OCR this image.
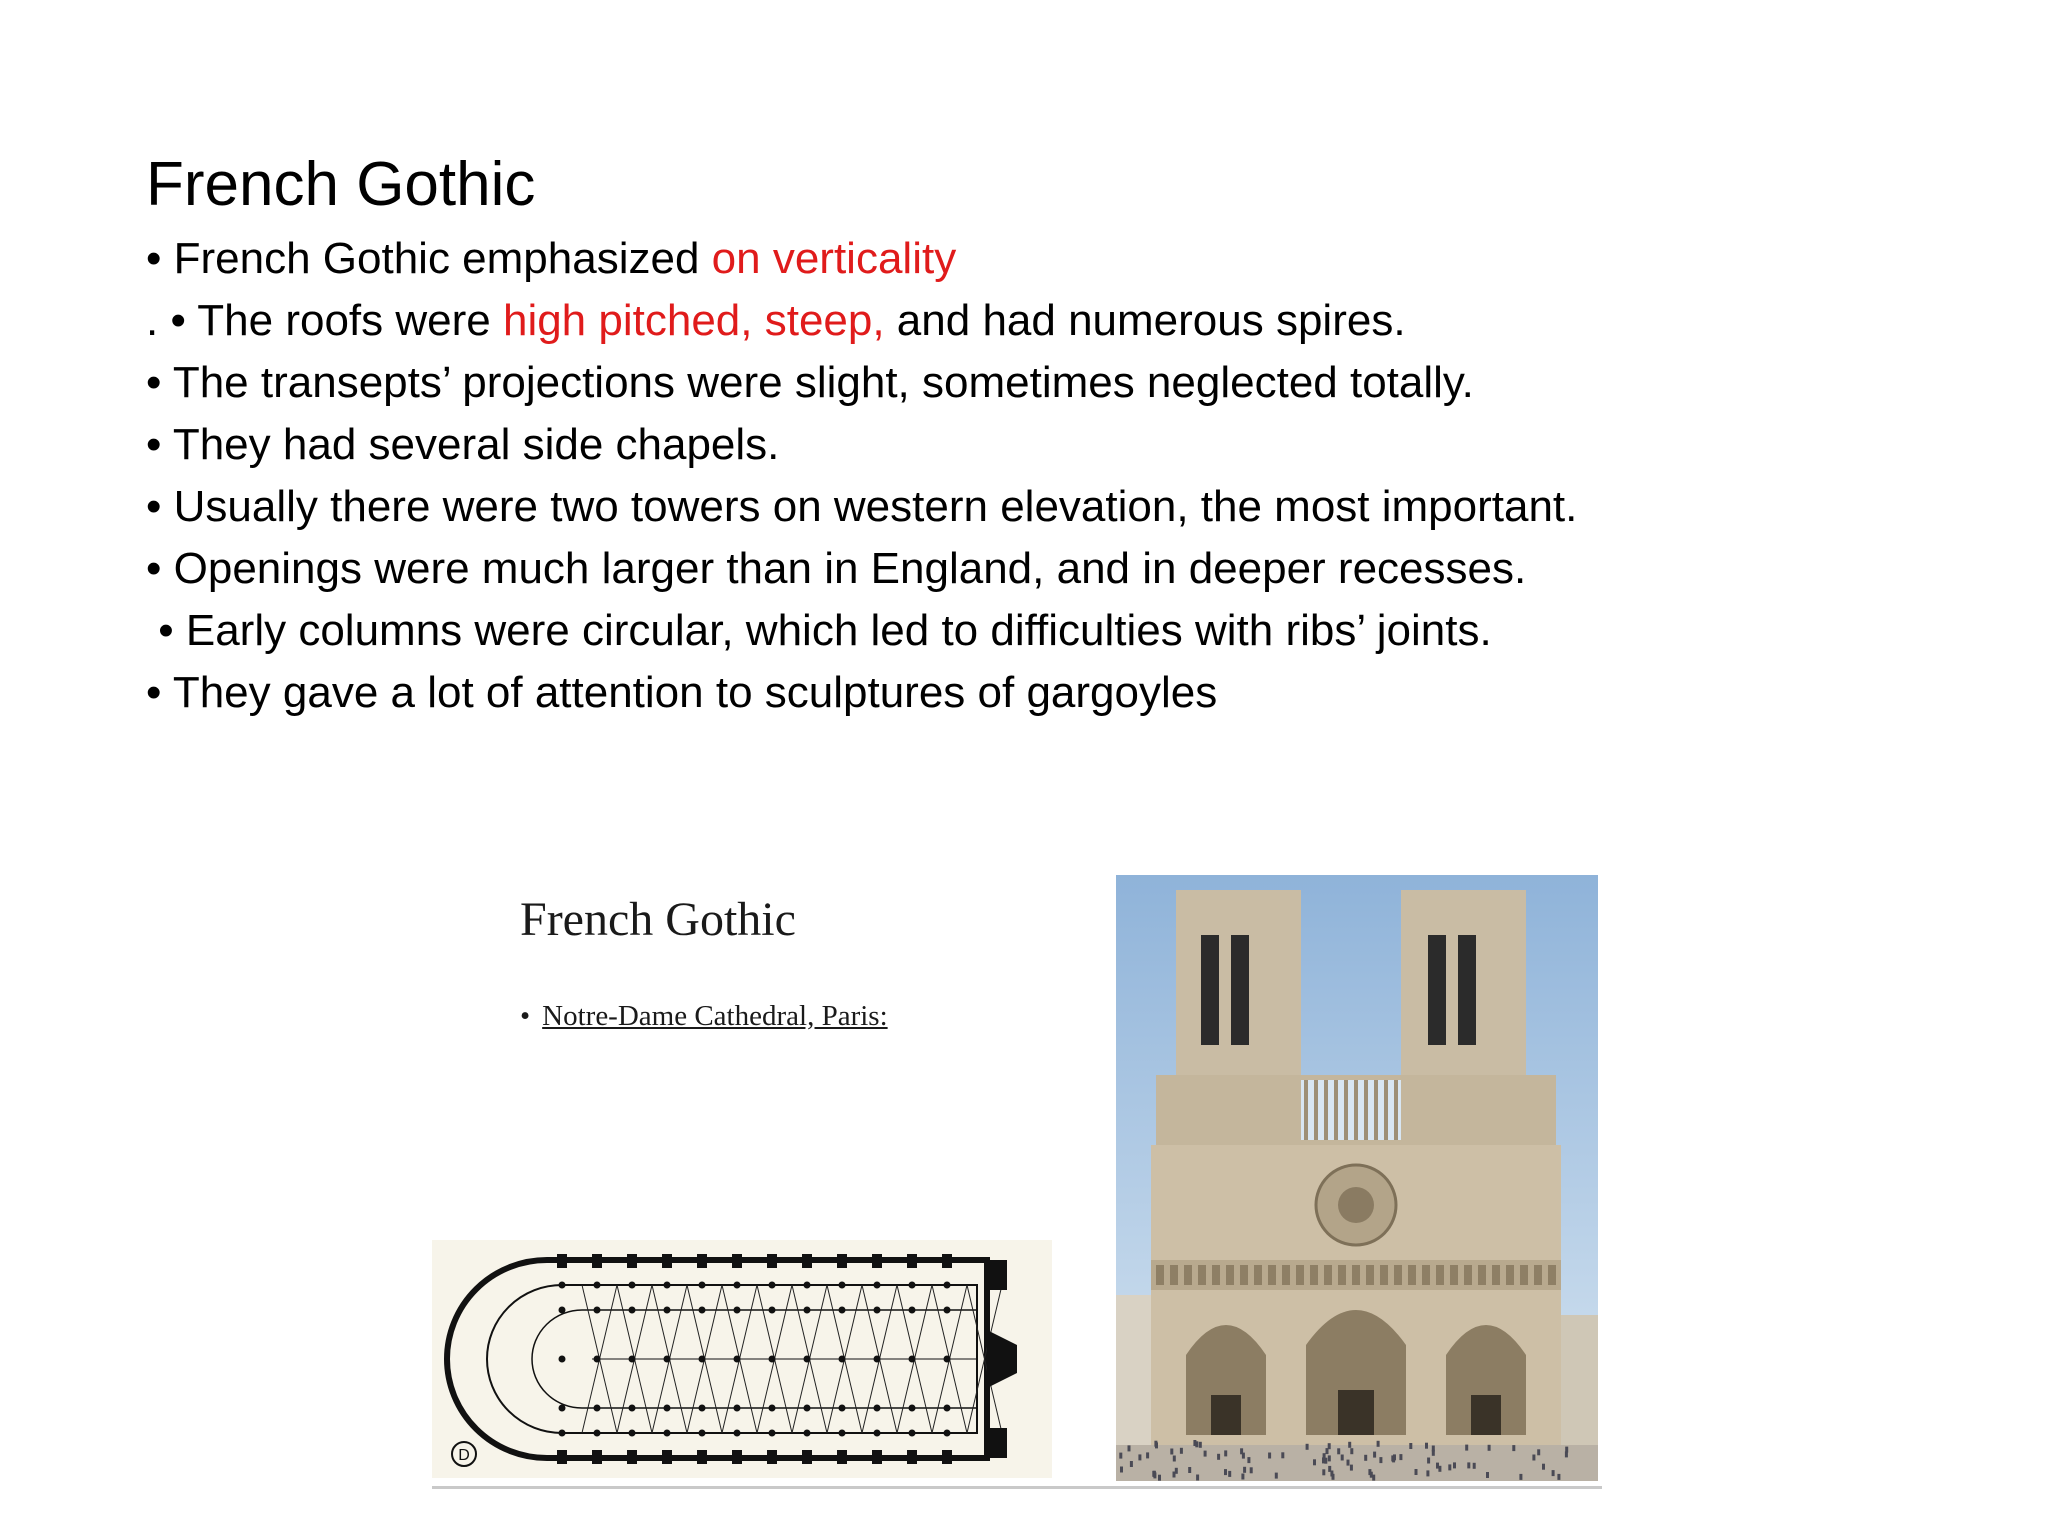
French Gothic
• French Gothic emphasized on verticality
. • The roofs were high pitched, steep, and had numerous spires.
• The transepts’ projections were slight, sometimes neglected totally.
• They had several side chapels.
• Usually there were two towers on western elevation, the most important.
• Openings were much larger than in England, and in deeper recesses.
• Early columns were circular, which led to difficulties with ribs’ joints.
• They gave a lot of attention to sculptures of gargoyles
French Gothic
• Notre-Dame Cathedral, Paris:
D
